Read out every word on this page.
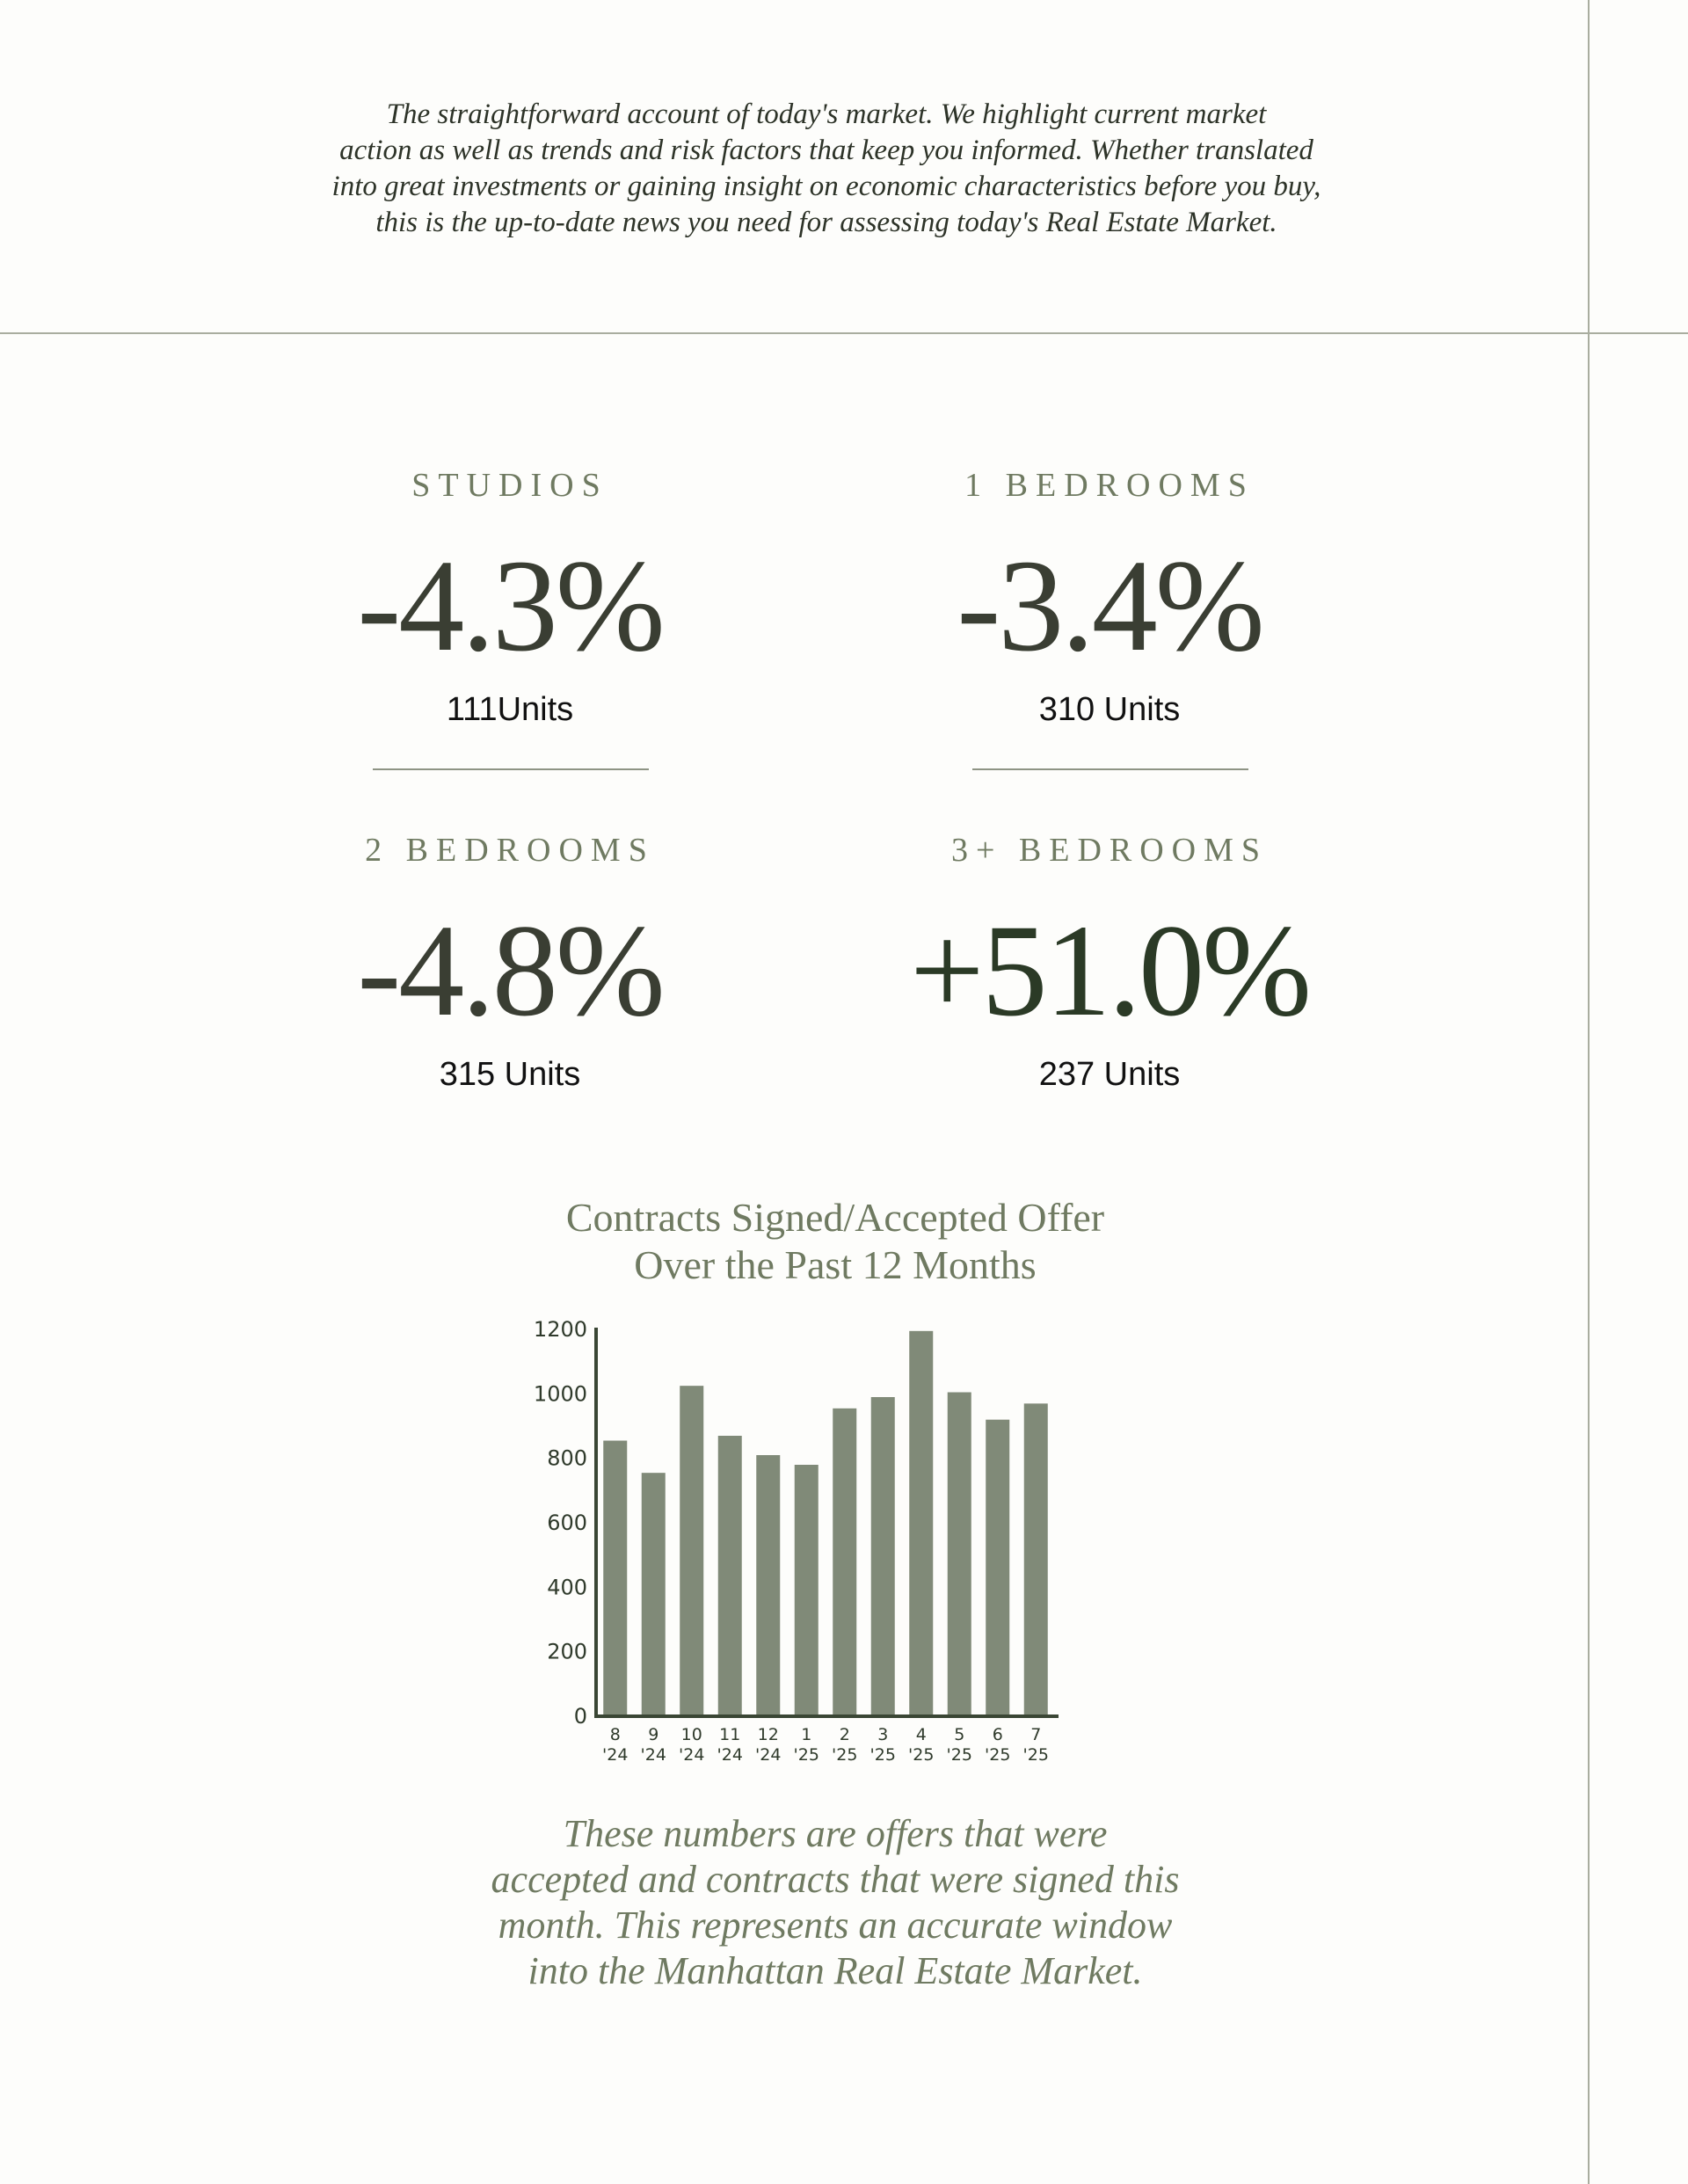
The straightforward account of today's market. We highlight current market
action as well as trends and risk factors that keep you informed. Whether translated
into great investments or gaining insight on economic characteristics before you buy,
this is the up-to-date news you need for assessing today's Real Estate Market.
STUDIOS
-4.3%
111Units
1 BEDROOMS
-3.4%
310 Units
2 BEDROOMS
-4.8%
315 Units
3+ BEDROOMS
+51.0%
237 Units
Contracts Signed/Accepted Offer
Over the Past 12 Months
0
200
400
600
800
1000
1200
8
'24
9
'24
10
'24
11
'24
12
'24
1
'25
2
'25
3
'25
4
'25
5
'25
6
'25
7
'25
These numbers are offers that were
accepted and contracts that were signed this
month. This represents an accurate window
into the Manhattan Real Estate Market.
